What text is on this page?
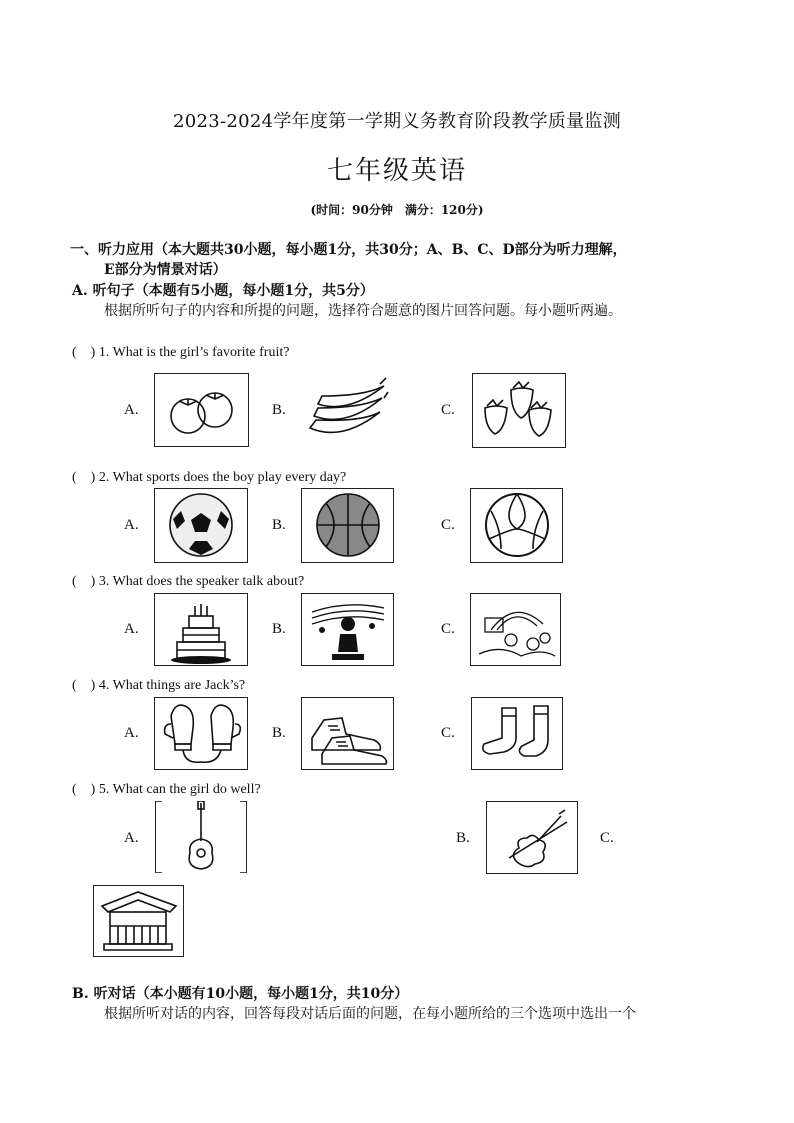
2023-2024学年度第一学期义务教育阶段教学质量监测
七年级英语
(时间：90分钟　满分：120分)
一、听力应用（本大题共30小题，每小题1分，共30分；A、B、C、D部分为听力理解，
E部分为情景对话）
A. 听句子（本题有5小题，每小题1分，共5分）
根据所听句子的内容和所提的问题，选择符合题意的图片回答问题。每小题听两遍。
(　) 1. What is the girl’s favorite fruit?
A.	B.	C.
(　) 2. What sports does the boy play every day?
A.	B.	C.
(　) 3. What does the speaker talk about?
A.	B.	C.
(　) 4. What things are Jack’s?
A.	B.	C.
(　) 5. What can the girl do well?
A.	B.	C.
B. 听对话（本小题有10小题，每小题1分，共10分）
根据所听对话的内容，回答每段对话后面的问题，在每小题所给的三个选项中选出一个
